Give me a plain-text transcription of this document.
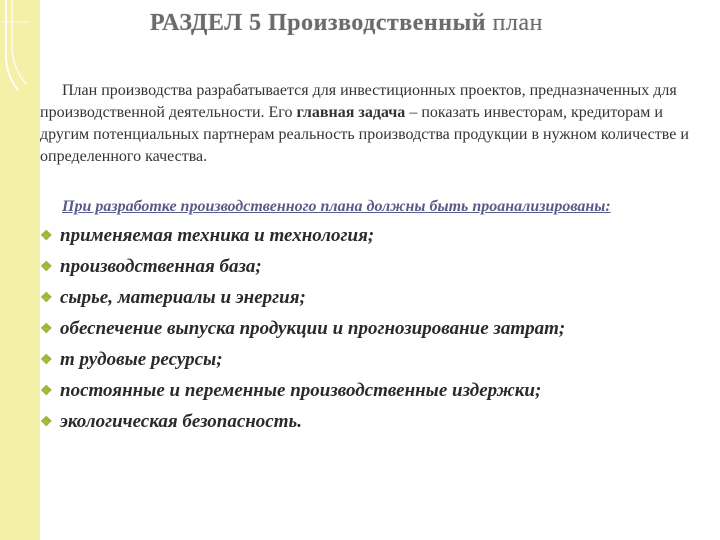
РАЗДЕЛ 5 Производственный план
План производства разрабатывается для инвестиционных проектов, предназначенных для производственной деятельности. Его главная задача – показать инвесторам, кредиторам и другим потенциальных партнерам реальность производства продукции в нужном количестве и определенного качества.
При разработке производственного плана должны быть проанализированы:
❖ применяемая техника и технология;
❖ производственная база;
❖ сырье, материалы и энергия;
❖ обеспечение выпуска продукции и прогнозирование затрат;
❖ т рудовые ресурсы;
❖ постоянные и переменные производственные издержки;
❖ экологическая безопасность.
